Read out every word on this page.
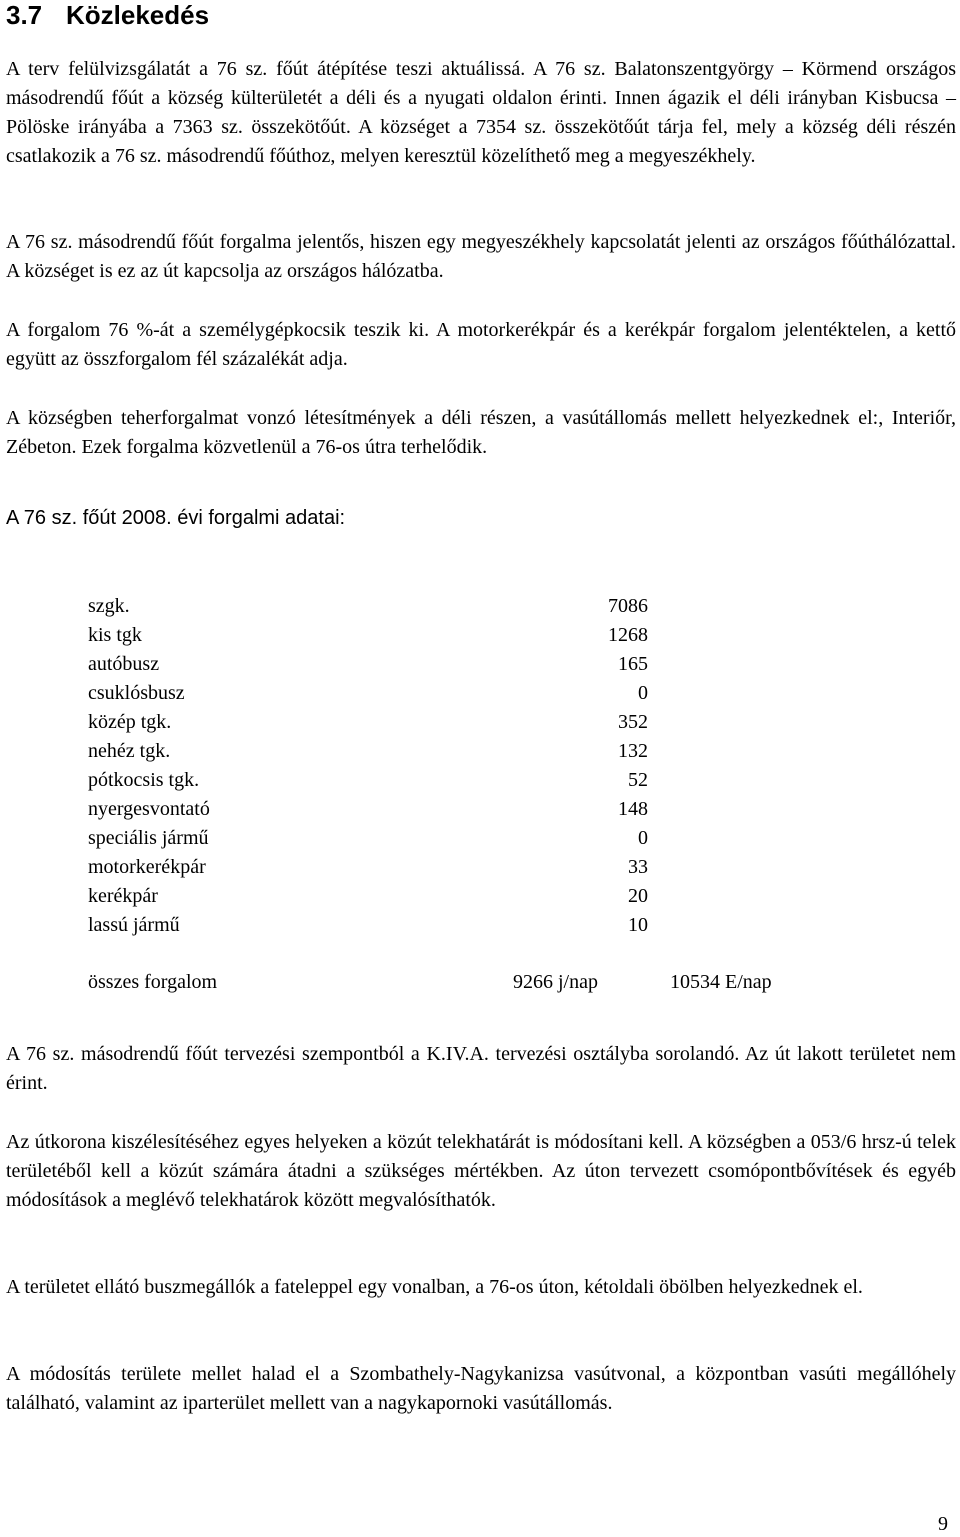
3.7 Közlekedés

A terv felülvizsgálatát a 76 sz. főút átépítése teszi aktuálissá. A 76 sz. Balatonszentgyörgy – Körmend országos másodrendű főút a község külterületét a déli és a nyugati oldalon érinti. Innen ágazik el déli irányban Kisbucsa – Pölöske irányába a 7363 sz. összekötőút. A községet a 7354 sz. összekötőút tárja fel, mely a község déli részén csatlakozik a 76 sz. másodrendű főúthoz, melyen keresztül közelíthető meg a megyeszékhely.

A 76 sz. másodrendű főút forgalma jelentős, hiszen egy megyeszékhely kapcsolatát jelenti az országos főúthálózattal. A községet is ez az út kapcsolja az országos hálózatba.

A forgalom 76 %-át a személygépkocsik teszik ki. A motorkerékpár és a kerékpár forgalom jelentéktelen, a kettő együtt az összforgalom fél százalékát adja.

A községben teherforgalmat vonzó létesítmények a déli részen, a vasútállomás mellett helyezkednek el:, Interiőr, Zébeton. Ezek forgalma közvetlenül a 76-os útra terhelődik.

A 76 sz. főút 2008. évi forgalmi adatai:

szgk.	7086
kis tgk	1268
autóbusz	165
csuklósbusz	0
közép tgk.	352
nehéz tgk.	132
pótkocsis tgk.	52
nyergesvontató	148
speciális jármű	0
motorkerékpár	33
kerékpár	20
lassú jármű	10
összes forgalom	9266 j/nap	10534 E/nap

A 76 sz. másodrendű főút tervezési szempontból a K.IV.A. tervezési osztályba sorolandó. Az út lakott területet nem érint.

Az útkorona kiszélesítéséhez egyes helyeken a közút telekhatárát is módosítani kell. A községben a 053/6 hrsz-ú telek területéből kell a közút számára átadni a szükséges mértékben. Az úton tervezett csomópontbővítések és egyéb módosítások a meglévő telekhatárok között megvalósíthatók.

A területet ellátó buszmegállók a fateleppel egy vonalban, a 76-os úton, kétoldali öbölben helyezkednek el.

A módosítás területe mellet halad el a Szombathely-Nagykanizsa vasútvonal, a központban vasúti megállóhely található, valamint az iparterület mellett van a nagykapornoki vasútállomás.

9
